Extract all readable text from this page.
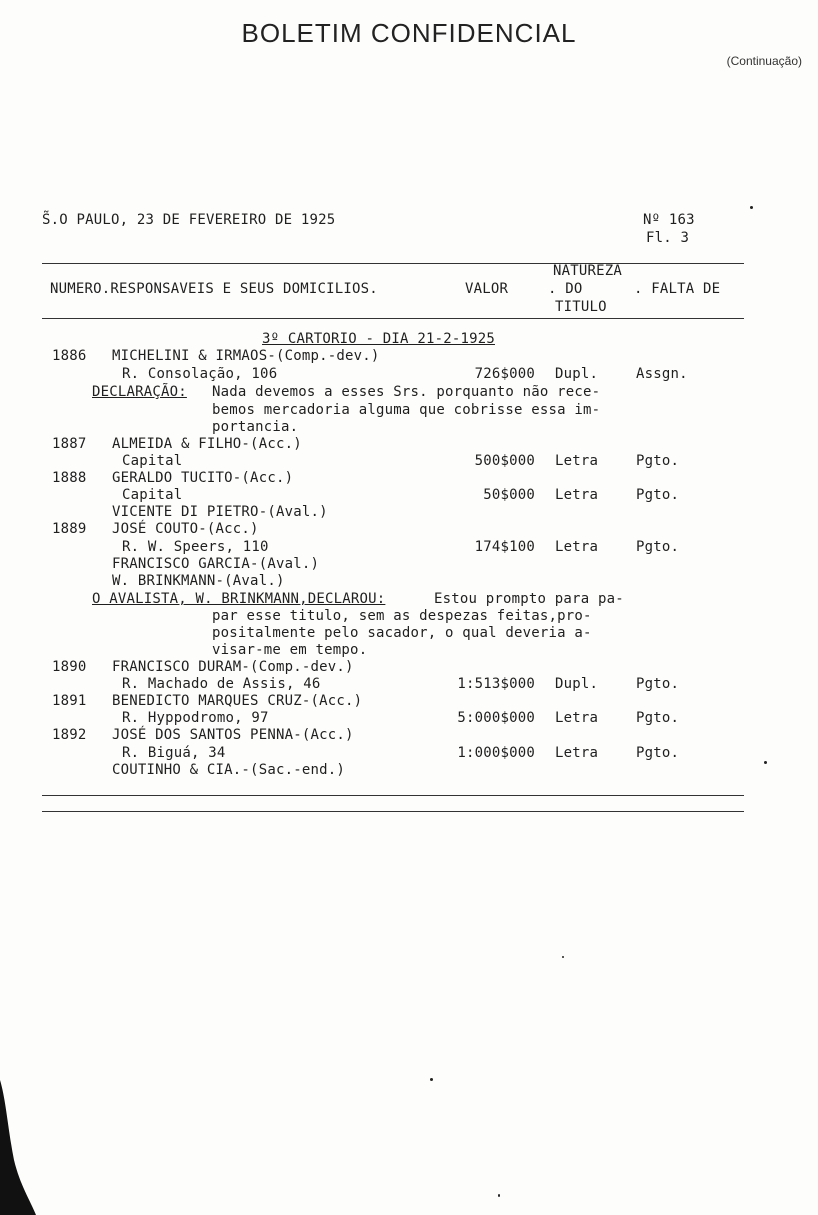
BOLETIM CONFIDENCIAL
(Continuação)
S̃.O PAULO, 23 DE FEVEREIRO DE 1925	Nº 163
Fl. 3
NATUREZA
NUMERO.RESPONSAVEIS E SEUS DOMICILIOS.	VALOR	. DO	. FALTA DE
TITULO
3º CARTORIO - DIA 21-2-1925
1886	MICHELINI & IRMAOS-(Comp.-dev.)
R. Consolação, 106	726$000 Dupl.	Assgn.
DECLARAÇÃO: Nada devemos a esses Srs. porquanto não rece-
bemos mercadoria alguma que cobrisse essa im-
portancia.
1887	ALMEIDA & FILHO-(Acc.)
Capital	500$000 Letra	Pgto.
1888	GERALDO TUCITO-(Acc.)
Capital	50$000 Letra	Pgto.
VICENTE DI PIETRO-(Aval.)
1889	JOSÉ COUTO-(Acc.)
R. W. Speers, 110	174$100 Letra	Pgto.
FRANCISCO GARCIA-(Aval.)
W. BRINKMANN-(Aval.)
O AVALISTA, W. BRINKMANN,DECLAROU:	Estou prompto para pa-
par esse titulo, sem as despezas feitas,pro-
positalmente pelo sacador, o qual deveria a-
visar-me em tempo.
1890	FRANCISCO DURAM-(Comp.-dev.)
R. Machado de Assis, 46	1:513$000 Dupl.	Pgto.
1891	BENEDICTO MARQUES CRUZ-(Acc.)
R. Hyppodromo, 97	5:000$000 Letra	Pgto.
1892	JOSÉ DOS SANTOS PENNA-(Acc.)
R. Biguá, 34	1:000$000 Letra	Pgto.
COUTINHO & CIA.-(Sac.-end.)
